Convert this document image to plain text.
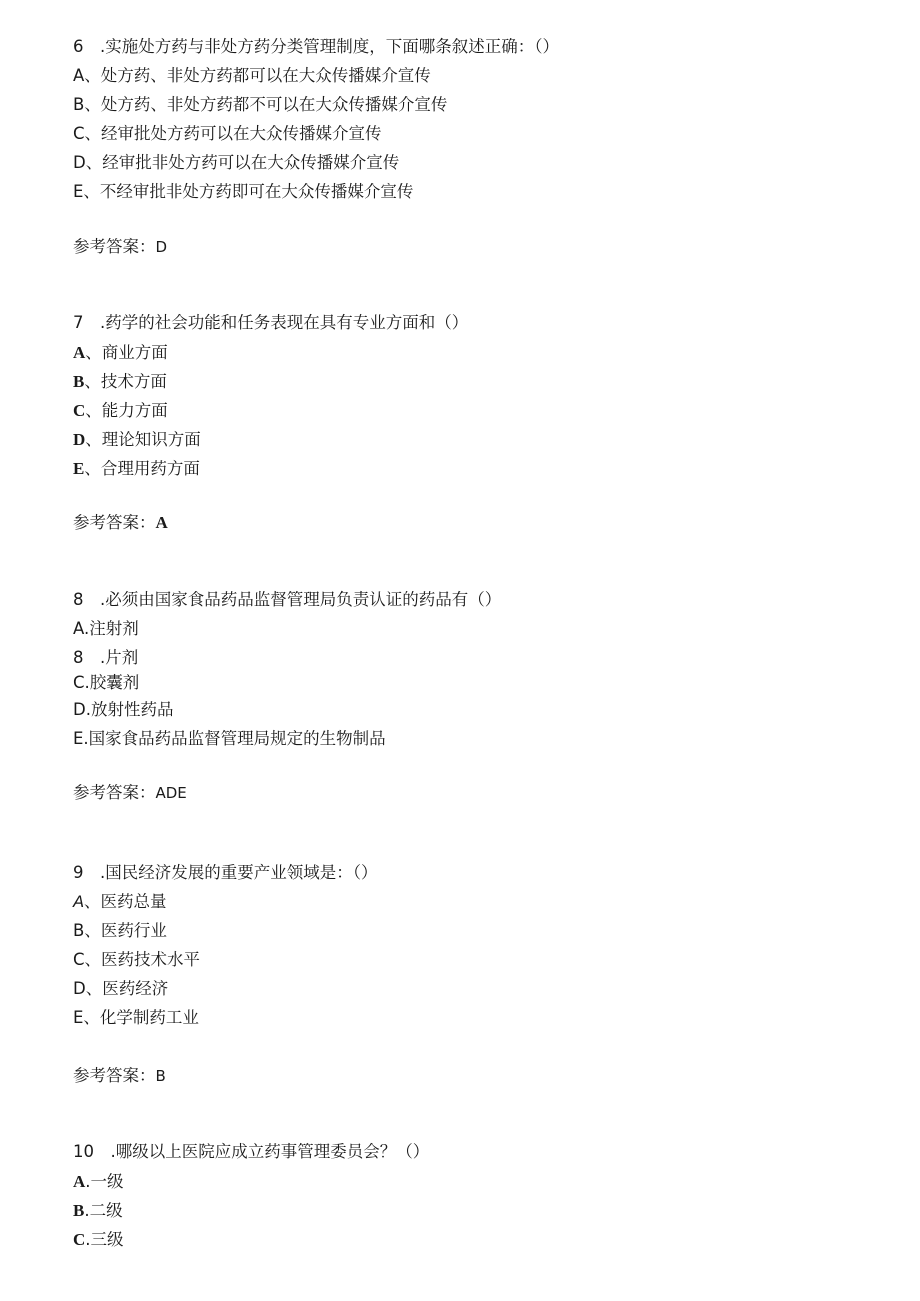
6　.实施处方药与非处方药分类管理制度，下面哪条叙述正确：（）
A、处方药、非处方药都可以在大众传播媒介宣传
B、处方药、非处方药都不可以在大众传播媒介宣传
C、经审批处方药可以在大众传播媒介宣传
D、经审批非处方药可以在大众传播媒介宣传
E、不经审批非处方药即可在大众传播媒介宣传
参考答案：D
7　.药学的社会功能和任务表现在具有专业方面和（）
A、商业方面
B、技术方面
C、能力方面
D、理论知识方面
E、合理用药方面
参考答案：A
8　.必须由国家食品药品监督管理局负责认证的药品有（）
A.注射剂
8　.片剂
C.胶囊剂
D.放射性药品
E.国家食品药品监督管理局规定的生物制品
参考答案：ADE
9　.国民经济发展的重要产业领域是：（）
A、医药总量
B、医药行业
C、医药技术水平
D、医药经济
E、化学制药工业
参考答案：B
10　.哪级以上医院应成立药事管理委员会？（）
A.一级
B.二级
C.三级
